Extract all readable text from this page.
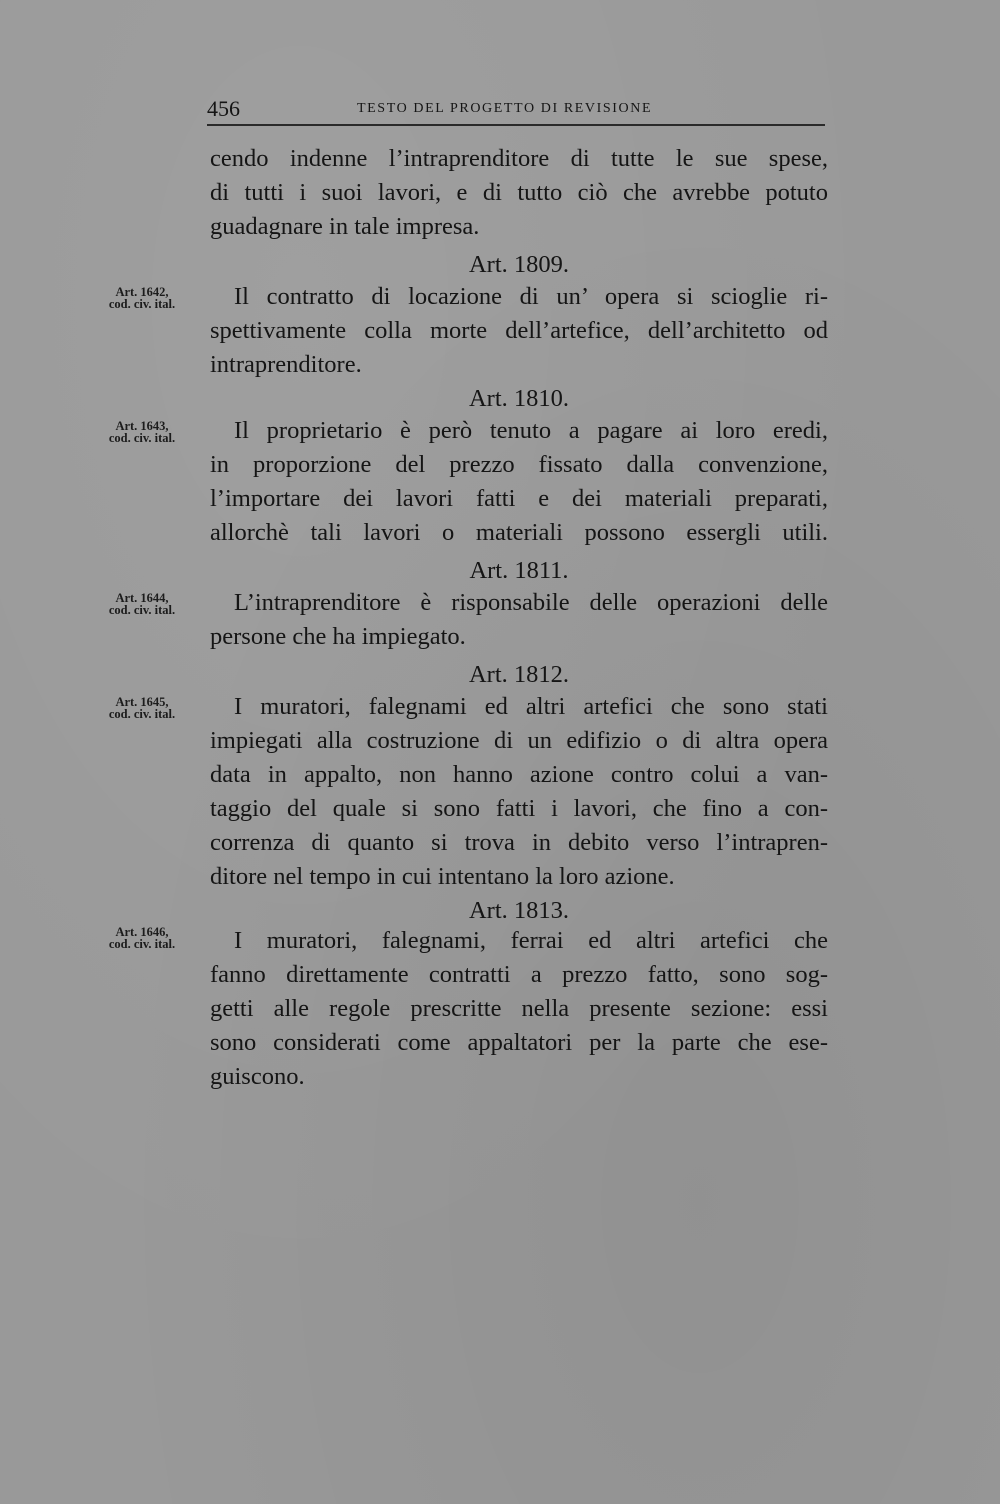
456	TESTO DEL PROGETTO DI REVISIONE
cendo indenne l’intraprenditore di tutte le sue spese,
di tutti i suoi lavori, e di tutto ciò che avrebbe potuto
guadagnare in tale impresa.
Art. 1809.
Art. 1642,
cod. civ. ital.	Il contratto di locazione di un’ opera si scioglie ri-
spettivamente colla morte dell’artefice, dell’architetto od
intraprenditore.
Art. 1810.
Art. 1643,
cod. civ. ital.	Il proprietario è però tenuto a pagare ai loro eredi,
in proporzione del prezzo fissato dalla convenzione,
l’importare dei lavori fatti e dei materiali preparati,
allorchè tali lavori o materiali possono essergli utili.
Art. 1811.
Art. 1644,
cod. civ. ital.	L’intraprenditore è risponsabile delle operazioni delle
persone che ha impiegato.
Art. 1812.
Art. 1645,
cod. civ. ital.	I muratori, falegnami ed altri artefici che sono stati
impiegati alla costruzione di un edifizio o di altra opera
data in appalto, non hanno azione contro colui a van-
taggio del quale si sono fatti i lavori, che fino a con-
correnza di quanto si trova in debito verso l’intrapren-
ditore nel tempo in cui intentano la loro azione.
Art. 1813.
Art. 1646,
cod. civ. ital.	I muratori, falegnami, ferrai ed altri artefici che
fanno direttamente contratti a prezzo fatto, sono sog-
getti alle regole prescritte nella presente sezione: essi
sono considerati come appaltatori per la parte che ese-
guiscono.
